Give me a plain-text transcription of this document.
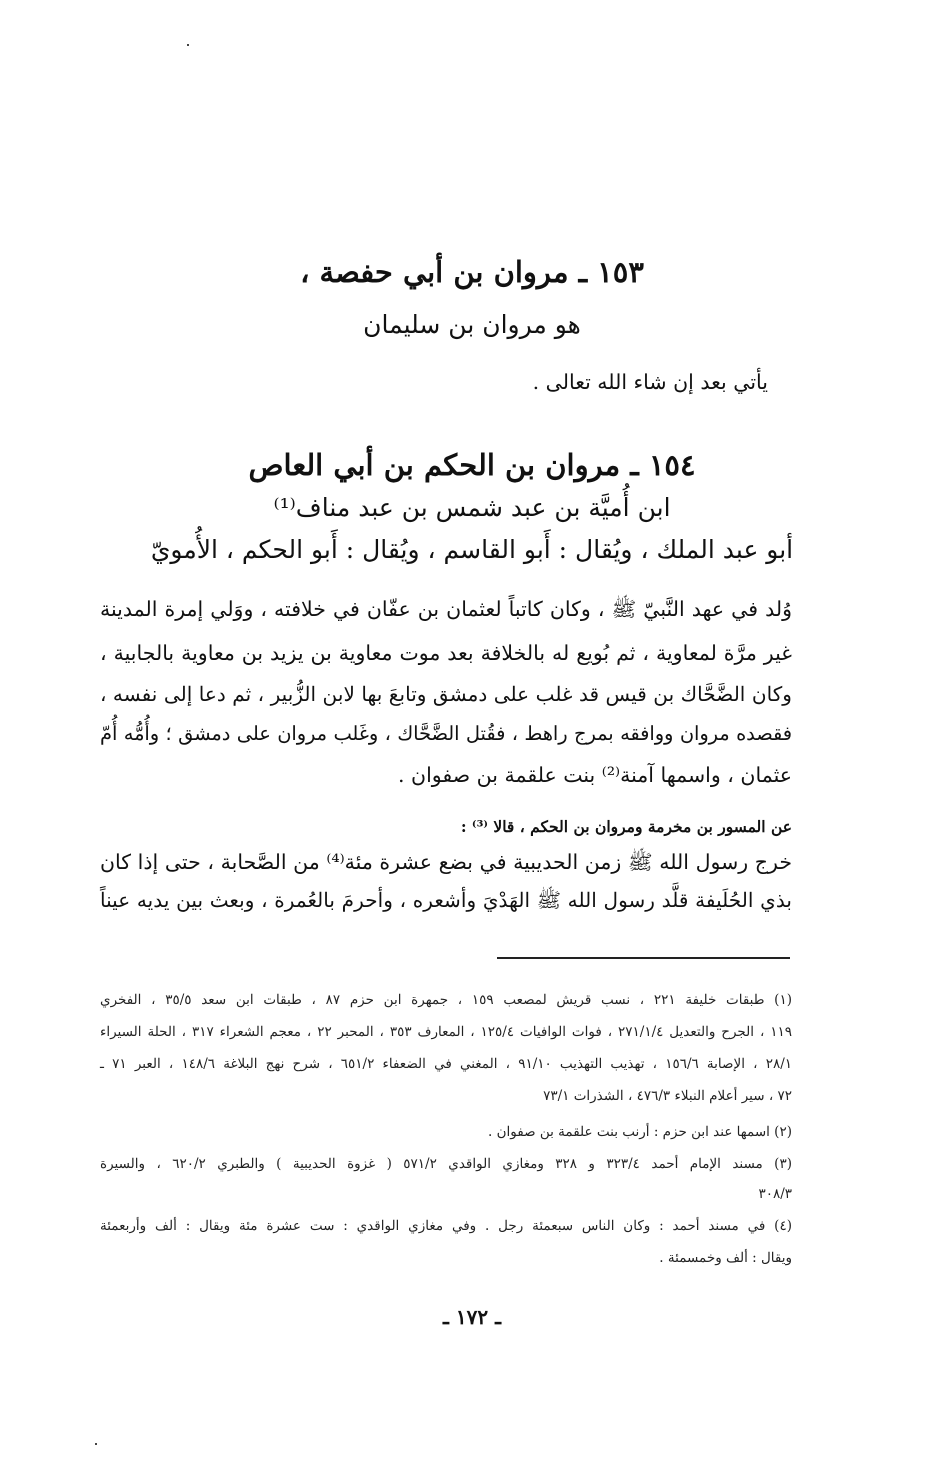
١٥٣ ـ مروان بن أبي حفصة ،
هو مروان بن سليمان
يأتي بعد إن شاء الله تعالى .
١٥٤ ـ مروان بن الحكم بن أبي العاص
ابن أُميَّة بن عبد شمس بن عبد مناف⁽¹⁾
أبو عبد الملك ، ويُقال : أَبو القاسم ، ويُقال : أَبو الحكم ، الأُمويّ
وُلد في عهد النَّبيّ ﷺ ، وكان كاتباً لعثمان بن عفّان في خلافته ، ووَلي إمرة المدينة
غير مرَّة لمعاوية ، ثم بُويع له بالخلافة بعد موت معاوية بن يزيد بن معاوية بالجابية ،
وكان الضَّحَّاك بن قيس قد غلب على دمشق وتابعَ بها لابن الزُّبير ، ثم دعا إلى نفسه ،
فقصده مروان ووافقه بمرج راهط ، فقُتل الضَّحَّاك ، وغَلب مروان على دمشق ؛ وأُمُّه أُمّ
عثمان ، واسمها آمنة⁽²⁾ بنت علقمة بن صفوان .
عن المسور بن مخرمة ومروان بن الحكم ، قالا ⁽³⁾ :
خرج رسول الله ﷺ زمن الحديبية في بضع عشرة مئة⁽⁴⁾ من الصَّحابة ، حتى إذا كان
بذي الحُلَيفة قلَّد رسول الله ﷺ الهَدْيَ وأشعره ، وأحرمَ بالعُمرة ، وبعث بين يديه عيناً
(١) طبقات خليفة ٢٢١ ، نسب قريش لمصعب ١٥٩ ، جمهرة ابن حزم ٨٧ ، طبقات ابن سعد ٣٥/٥ ، الفخري
١١٩ ، الجرح والتعديل ٢٧١/١/٤ ، فوات الوافيات ١٢٥/٤ ، المعارف ٣٥٣ ، المحبر ٢٢ ، معجم الشعراء ٣١٧ ، الحلة السيراء
٢٨/١ ، الإصابة ١٥٦/٦ ، تهذيب التهذيب ٩١/١٠ ، المغني في الضعفاء ٦٥١/٢ ، شرح نهج البلاغة ١٤٨/٦ ، العبر ٧١ ـ
٧٢ ، سير أعلام النبلاء ٤٧٦/٣ ، الشذرات ٧٣/١
(٢) اسمها عند ابن حزم : أرنب بنت علقمة بن صفوان .
(٣) مسند الإمام أحمد ٣٢٣/٤ و ٣٢٨ ومغازي الواقدي ٥٧١/٢ ( غزوة الحديبية ) والطبري ٦٢٠/٢ ، والسيرة
٣٠٨/٣
(٤) في مسند أحمد : وكان الناس سبعمئة رجل . وفي مغازي الواقدي : ست عشرة مئة ويقال : ألف وأربعمئة
ويقال : ألف وخمسمئة .
ـ ١٧٢ ـ
